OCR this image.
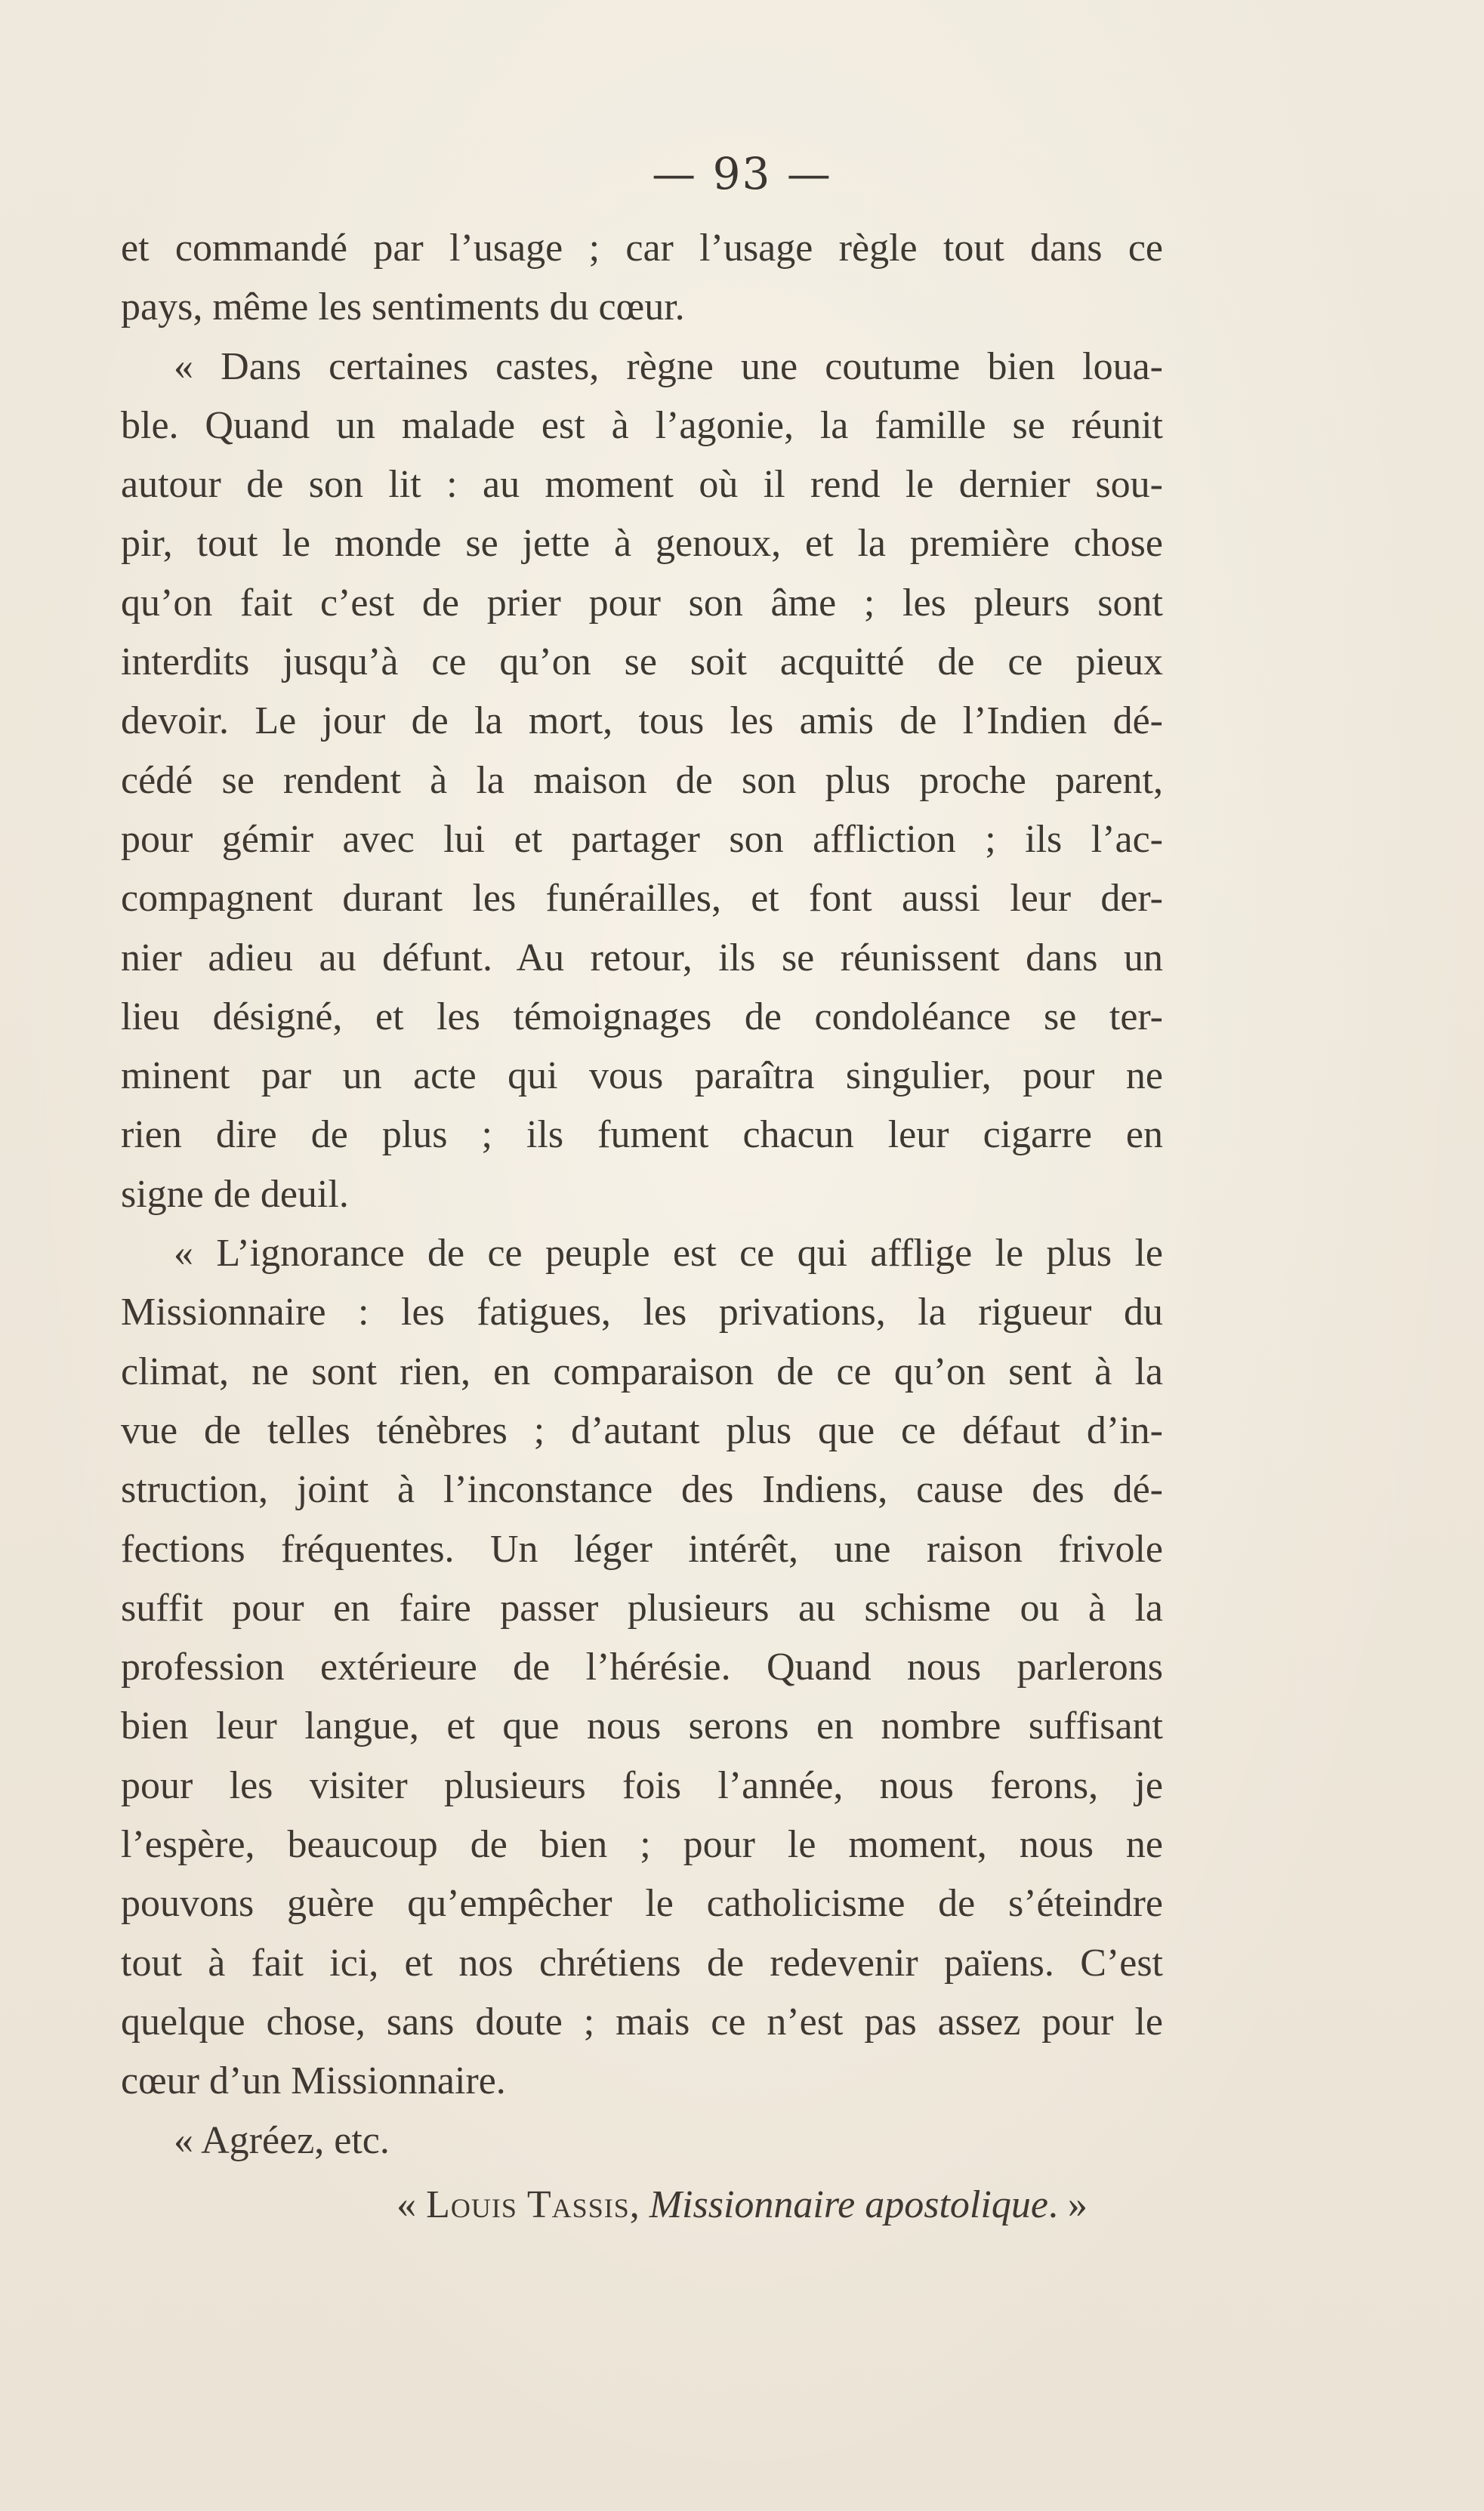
— 93 —
et commandé par l’usage ; car l’usage règle tout dans ce
pays, même les sentiments du cœur.
« Dans certaines castes, règne une coutume bien loua-
ble. Quand un malade est à l’agonie, la famille se réunit
autour de son lit : au moment où il rend le dernier sou-
pir, tout le monde se jette à genoux, et la première chose
qu’on fait c’est de prier pour son âme ; les pleurs sont
interdits jusqu’à ce qu’on se soit acquitté de ce pieux
devoir. Le jour de la mort, tous les amis de l’Indien dé-
cédé se rendent à la maison de son plus proche parent,
pour gémir avec lui et partager son affliction ; ils l’ac-
compagnent durant les funérailles, et font aussi leur der-
nier adieu au défunt. Au retour, ils se réunissent dans un
lieu désigné, et les témoignages de condoléance se ter-
minent par un acte qui vous paraîtra singulier, pour ne
rien dire de plus ; ils fument chacun leur cigarre en
signe de deuil.
« L’ignorance de ce peuple est ce qui afflige le plus le
Missionnaire : les fatigues, les privations, la rigueur du
climat, ne sont rien, en comparaison de ce qu’on sent à la
vue de telles ténèbres ; d’autant plus que ce défaut d’in-
struction, joint à l’inconstance des Indiens, cause des dé-
fections fréquentes. Un léger intérêt, une raison frivole
suffit pour en faire passer plusieurs au schisme ou à la
profession extérieure de l’hérésie. Quand nous parlerons
bien leur langue, et que nous serons en nombre suffisant
pour les visiter plusieurs fois l’année, nous ferons, je
l’espère, beaucoup de bien ; pour le moment, nous ne
pouvons guère qu’empêcher le catholicisme de s’éteindre
tout à fait ici, et nos chrétiens de redevenir païens. C’est
quelque chose, sans doute ; mais ce n’est pas assez pour le
cœur d’un Missionnaire.
« Agréez, etc.
« Louis Tassis, Missionnaire apostolique. »
